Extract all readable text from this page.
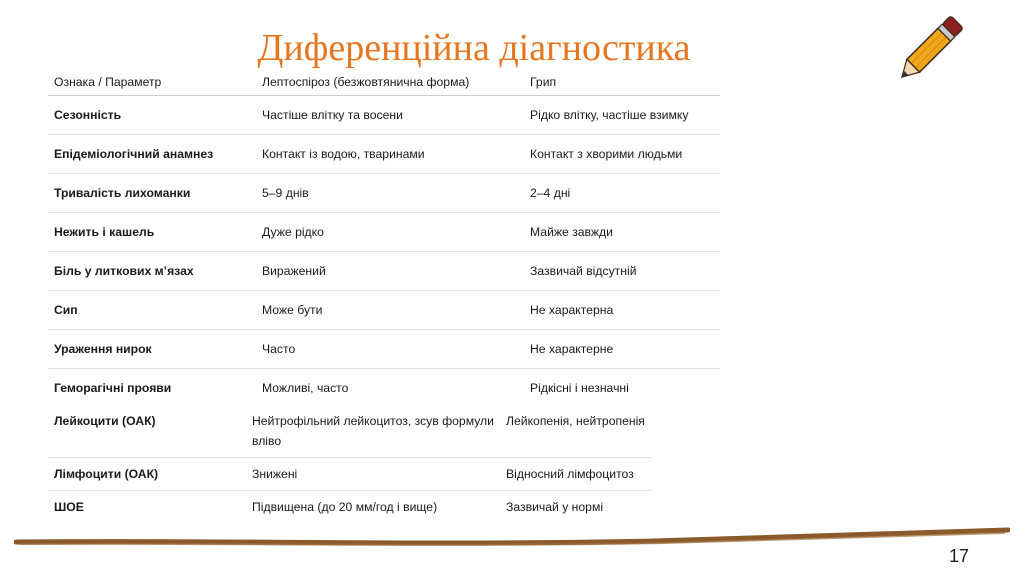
Диференційна діагностика
Ознака / Параметр	Лептоспіроз (безжовтянична форма)	Грип
Сезонність	Частіше влітку та восени	Рідко влітку, частіше взимку
Епідеміологічний анамнез	Контакт із водою, тваринами	Контакт з хворими людьми
Тривалість лихоманки	5–9 днів	2–4 дні
Нежить і кашель	Дуже рідко	Майже завжди
Біль у литкових м’язах	Виражений	Зазвичай відсутній
Сип	Може бути	Не характерна
Ураження нирок	Часто	Не характерне
Геморагічні прояви	Можливі, часто	Рідкісні і незначні
Лейкоцити (ОАК)	Нейтрофільний лейкоцитоз, зсув формули вліво	Лейкопенія, нейтропенія
Лімфоцити (ОАК)	Знижені	Відносний лімфоцитоз
ШОЕ	Підвищена (до 20 мм/год і вище)	Зазвичай у нормі
17
